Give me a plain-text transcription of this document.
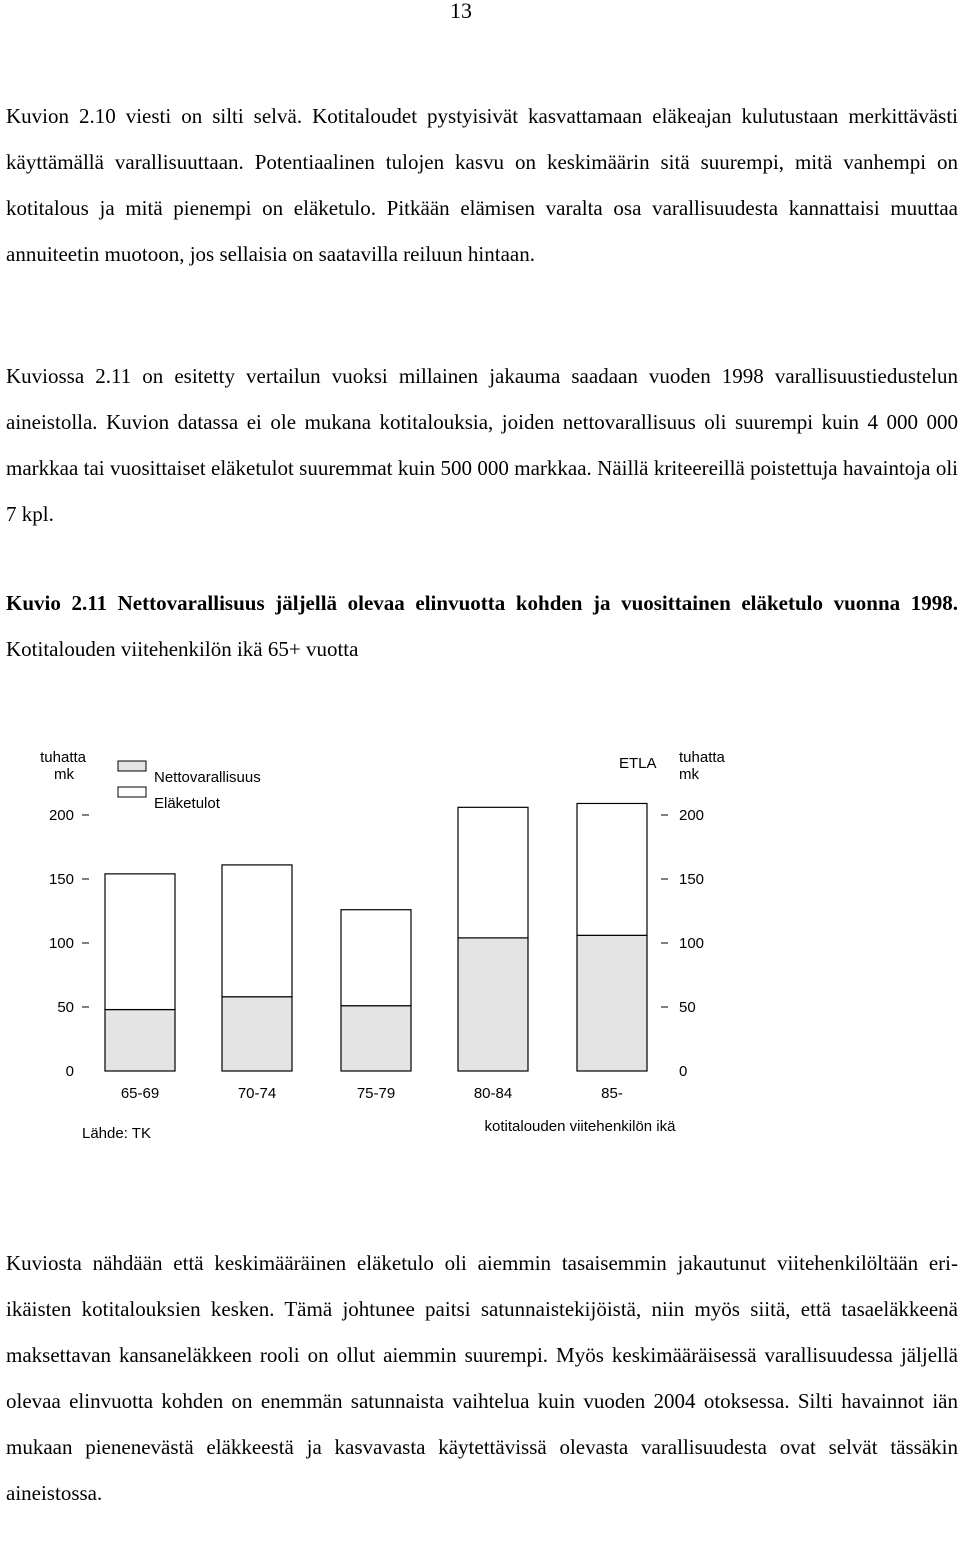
13

Kuvion 2.10 viesti on silti selvä. Kotitaloudet pystyisivät kasvattamaan eläkeajan kulutustaan merkittävästi käyttämällä varallisuuttaan. Potentiaalinen tulojen kasvu on keskimäärin sitä suurempi, mitä vanhempi on kotitalous ja mitä pienempi on eläketulo. Pitkään elämisen varalta osa varallisuudesta kannattaisi muuttaa annuiteetin muotoon, jos sellaisia on saatavilla reiluun hintaan.

Kuviossa 2.11 on esitetty vertailun vuoksi millainen jakauma saadaan vuoden 1998 varallisuustiedustelun aineistolla. Kuvion datassa ei ole mukana kotitalouksia, joiden nettovarallisuus oli suurempi kuin 4 000 000 markkaa tai vuosittaiset eläketulot suuremmat kuin 500 000 markkaa. Näillä kriteereillä poistettuja havaintoja oli 7 kpl.

Kuvio 2.11 Nettovarallisuus jäljellä olevaa elinvuotta kohden ja vuosittainen eläketulo vuonna 1998. Kotitalouden viitehenkilön ikä 65+ vuotta

0	0
50	50
100	100
150	150
200	200
tuhatta
mk
tuhatta
mk
ETLA
Nettovarallisuus
Eläketulot
65-69	70-74	75-79	80-84	85-
kotitalouden viitehenkilön ikä
Lähde: TK

Kuviosta nähdään että keskimääräinen eläketulo oli aiemmin tasaisemmin jakautunut viitehenkilöltään eri-ikäisten kotitalouksien kesken. Tämä johtunee paitsi satunnaistekijöistä, niin myös siitä, että tasaeläkkeenä maksettavan kansaneläkkeen rooli on ollut aiemmin suurempi. Myös keskimääräisessä varallisuudessa jäljellä olevaa elinvuotta kohden on enemmän satunnaista vaihtelua kuin vuoden 2004 otoksessa. Silti havainnot iän mukaan pienenevästä eläkkeestä ja kasvavasta käytettävissä olevasta varallisuudesta ovat selvät tässäkin aineistossa.
